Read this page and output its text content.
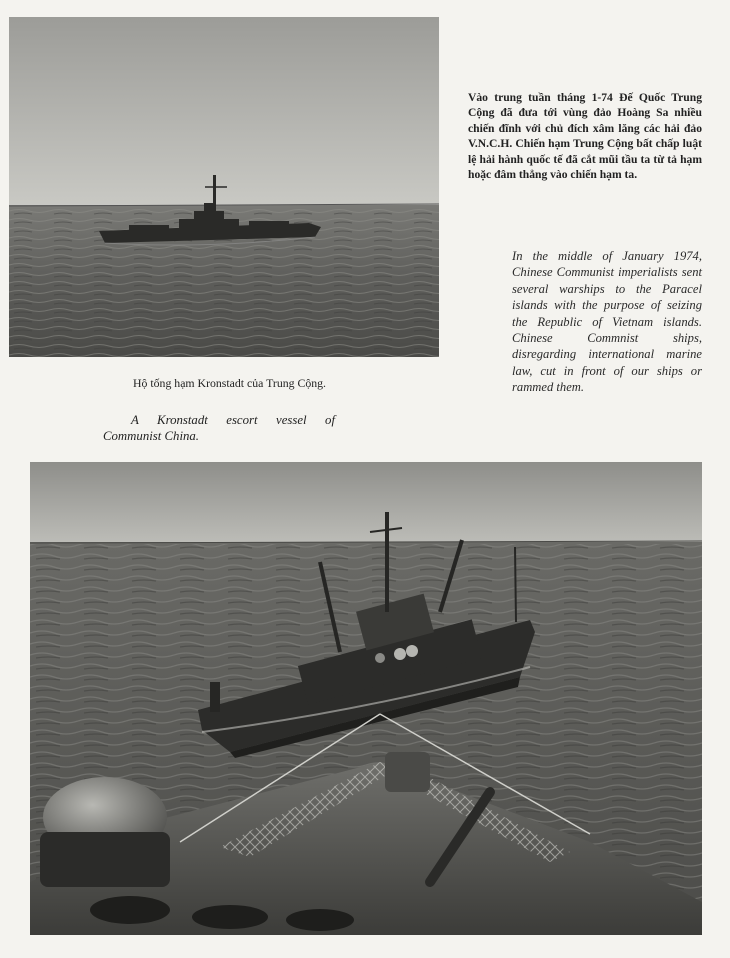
Vào trung tuần tháng 1-74 Đế Quốc Trung Cộng đã đưa tới vùng đảo Hoàng Sa nhiều chiến đĩnh với chủ đích xâm lăng các hải đảo V.N.C.H. Chiến hạm Trung Cộng bất chấp luật lệ hải hành quốc tế đã cắt mũi tầu ta từ tả hạm hoặc đâm thẳng vào chiến hạm ta.

In the middle of January 1974, Chinese Communist imperialists sent several warships to the Paracel islands with the purpose of seizing the Republic of Vietnam islands. Chinese Commnist ships, disregarding international marine law, cut in front of our ships or rammed them.

Hộ tống hạm Kronstadt của Trung Cộng.

A Kronstadt escort vessel of Communist China.
